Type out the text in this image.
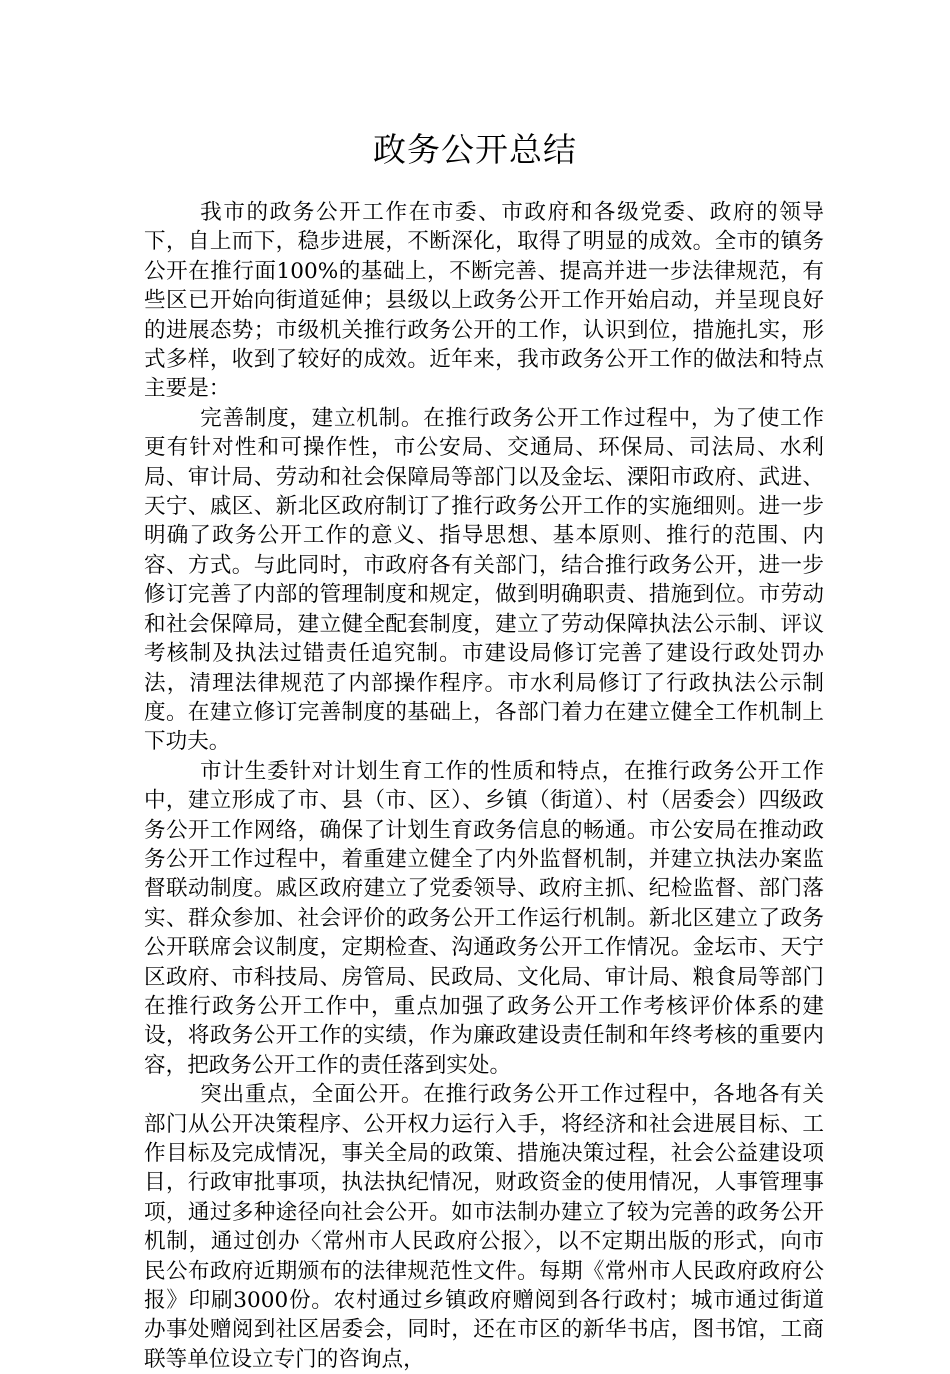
政务公开总结

我市的政务公开工作在市委、市政府和各级党委、政府的领导下，自上而下，稳步进展，不断深化，取得了明显的成效。全市的镇务公开在推行面100%的基础上，不断完善、提高并进一步法律规范，有些区已开始向街道延伸；县级以上政务公开工作开始启动，并呈现良好的进展态势；市级机关推行政务公开的工作，认识到位，措施扎实，形式多样，收到了较好的成效。近年来，我市政务公开工作的做法和特点主要是：

完善制度，建立机制。在推行政务公开工作过程中，为了使工作更有针对性和可操作性，市公安局、交通局、环保局、司法局、水利局、审计局、劳动和社会保障局等部门以及金坛、溧阳市政府、武进、天宁、戚区、新北区政府制订了推行政务公开工作的实施细则。进一步明确了政务公开工作的意义、指导思想、基本原则、推行的范围、内容、方式。与此同时，市政府各有关部门，结合推行政务公开，进一步修订完善了内部的管理制度和规定，做到明确职责、措施到位。市劳动和社会保障局，建立健全配套制度，建立了劳动保障执法公示制、评议考核制及执法过错责任追究制。市建设局修订完善了建设行政处罚办法，清理法律规范了内部操作程序。市水利局修订了行政执法公示制度。在建立修订完善制度的基础上，各部门着力在建立健全工作机制上下功夫。

市计生委针对计划生育工作的性质和特点，在推行政务公开工作中，建立形成了市、县（市、区）、乡镇（街道）、村（居委会）四级政务公开工作网络，确保了计划生育政务信息的畅通。市公安局在推动政务公开工作过程中，着重建立健全了内外监督机制，并建立执法办案监督联动制度。戚区政府建立了党委领导、政府主抓、纪检监督、部门落实、群众参加、社会评价的政务公开工作运行机制。新北区建立了政务公开联席会议制度，定期检查、沟通政务公开工作情况。金坛市、天宁区政府、市科技局、房管局、民政局、文化局、审计局、粮食局等部门在推行政务公开工作中，重点加强了政务公开工作考核评价体系的建设，将政务公开工作的实绩，作为廉政建设责任制和年终考核的重要内容，把政务公开工作的责任落到实处。

突出重点，全面公开。在推行政务公开工作过程中，各地各有关部门从公开决策程序、公开权力运行入手，将经济和社会进展目标、工作目标及完成情况，事关全局的政策、措施决策过程，社会公益建设项目，行政审批事项，执法执纪情况，财政资金的使用情况，人事管理事项，通过多种途径向社会公开。如市法制办建立了较为完善的政务公开机制，通过创办〈常州市人民政府公报〉，以不定期出版的形式，向市民公布政府近期颁布的法律规范性文件。每期《常州市人民政府政府公报》印刷3000份。农村通过乡镇政府赠阅到各行政村；城市通过街道办事处赠阅到社区居委会，同时，还在市区的新华书店，图书馆，工商联等单位设立专门的咨询点，
